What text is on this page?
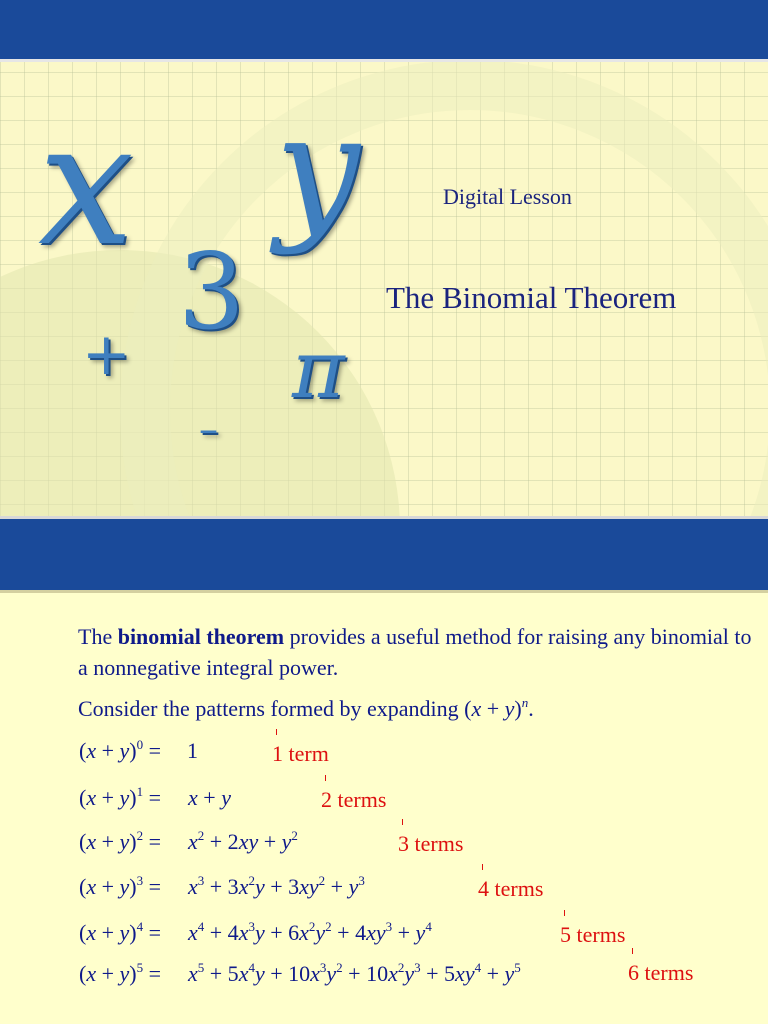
x y
3
+ π
–
Digital Lesson
The Binomial Theorem
The binomial theorem provides a useful method for raising any binomial to a nonnegative integral power.
Consider the patterns formed by expanding $(x + y)^n$.
$(x + y)^0 = 1$	1 term
$(x + y)^1 = x + y$	2 terms
$(x + y)^2 = x^2 + 2xy + y^2$	3 terms
$(x + y)^3 = x^3 + 3x^2y + 3xy^2 + y^3$	4 terms
$(x + y)^4 = x^4 + 4x^3y + 6x^2y^2 + 4xy^3 + y^4$	5 terms
$(x + y)^5 = x^5 + 5x^4y + 10x^3y^2 + 10x^2y^3 + 5xy^4 + y^5$	6 terms
